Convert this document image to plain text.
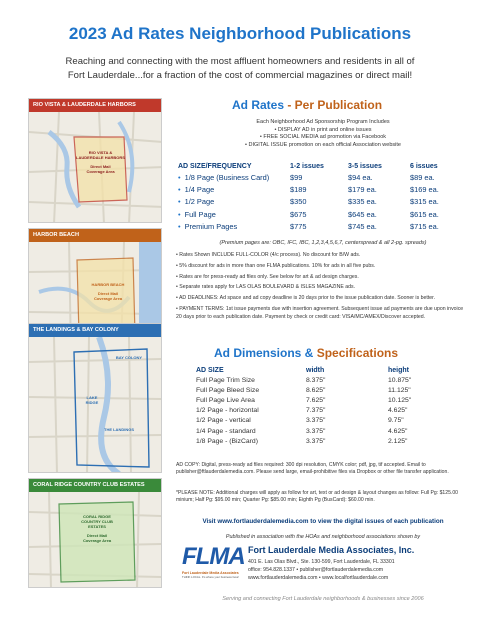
2023 Ad Rates Neighborhood Publications
Reaching and connecting with the most affluent homeowners and residents in all of
Fort Lauderdale...for a fraction of the cost of commercial magazines or direct mail!
RIO VISTA & LAUDERDALE HARBORS
RIO VISTA &
LAUDERDALE HARBORS
Direct Mail
Coverage Area
HARBOR BEACH
HARBOR BEACH
Direct Mail
Coverage Area
THE LANDINGS & BAY COLONY
BAY COLONY
LAKE
RIDGE
THE LANDINGS
CORAL RIDGE COUNTRY CLUB ESTATES
CORAL RIDGE
COUNTRY CLUB
ESTATES
Direct Mail
Coverage Area
Ad Rates - Per Publication
Each Neighborhood Ad Sponsorship Program Includes
• DISPLAY AD in print and online issues
• FREE SOCIAL MEDIA ad promotion via Facebook
• DIGITAL ISSUE promotion on each official Association website
AD SIZE/FREQUENCY	1-2 issues	3-5 issues	6 issues
• 1/8 Page (Business Card)	$99	$94 ea.	$89 ea.
• 1/4 Page	$189	$179 ea.	$169 ea.
• 1/2 Page	$350	$335 ea.	$315 ea.
• Full Page	$675	$645 ea.	$615 ea.
• Premium Pages	$775	$745 ea.	$715 ea.
(Premium pages are: OBC, IFC, IBC, 1,2,3,4,5,6,7, centerspread & all 2-pg. spreads)
• Rates Shown INCLUDE FULL-COLOR (4/c process). No discount for B/W ads.
• 5% discount for ads in more than one FLMA publications. 10% for ads in all five pubs.
• Rates are for press-ready ad files only. See below for art & ad design charges.
• Separate rates apply for LAS OLAS BOULEVARD & ISLES MAGAZINE ads.
• AD DEADLINES: Ad space and ad copy deadline is 20 days prior to the issue publication date. Sooner is better.
• PAYMENT TERMS: 1st issue payments due with insertion agreement. Subsequent issue ad payments are due upon invoice 20 days prior to each publication date. Payment by check or credit card: VISA/MC/AMEX/Discover accepted.
Ad Dimensions & Specifications
AD SIZE	width	height
Full Page Trim Size	8.375"	10.875"
Full Page Bleed Size	8.625"	11.125"
Full Page Live Area	7.625"	10.125"
1/2 Page - horizontal	7.375"	4.625"
1/2 Page - vertical	3.375"	9.75"
1/4 Page - standard	3.375"	4.625"
1/8 Page - (BizCard)	3.375"	2.125"
AD COPY: Digital, press-ready ad files required: 300 dpi resolution, CMYK color; pdf, jpg, tif accepted. Email to publisher@ftlauderdalemedia.com. Please send large, email-prohibitive files via Dropbox or other file transfer application.
*PLEASE NOTE: Additional charges will apply as follow for art, text or ad design & layout changes as follow: Full Pg: $125.00 minium; Half Pg: $95.00 min; Quarter Pg: $85.00 min; Eighth Pg (BusCard): $60.00 min.
Visit www.fortlauderdalemedia.com to view the digital issues of each publication
Published in association with the HOAs and neighborhood associations shown by
FLMA
Fort Lauderdale Media Associates
THINK LOCAL. It's where your business lives!
Fort Lauderdale Media Associates, Inc.
401 E. Las Olas Blvd., Ste. 130-599, Fort Lauderdale, FL 33301
office: 954.828.1337 • publisher@fortlauderdalemedia.com
www.fortlauderdalemedia.com • www.localfortlauderdale.com
Serving and connecting Fort Lauderdale neighborhoods & businesses since 2006
